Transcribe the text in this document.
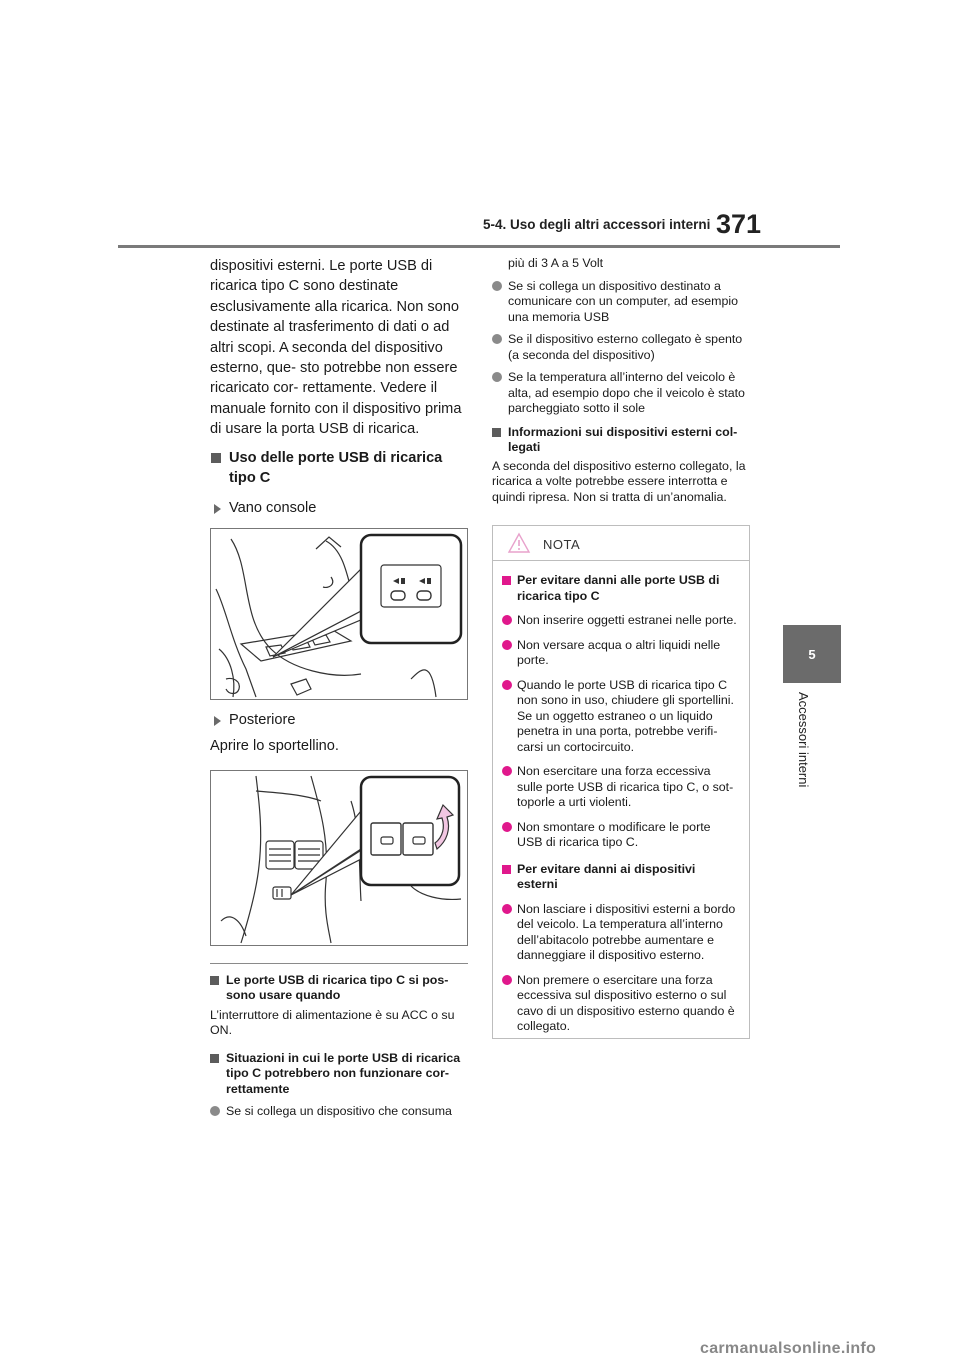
5-4. Uso degli altri accessori interni 371
5
Accessori interni

dispositivi esterni. Le porte USB di ricarica tipo C sono destinate esclusivamente alla ricarica. Non sono destinate al trasferimento di dati o ad altri scopi. A seconda del dispositivo esterno, que- sto potrebbe non essere ricaricato cor- rettamente. Vedere il manuale fornito con il dispositivo prima di usare la porta USB di ricarica.

Uso delle porte USB di ricarica tipo C
Vano console
Posteriore

Aprire lo sportellino.

Le porte USB di ricarica tipo C si pos- sono usare quando

L’interruttore di alimentazione è su ACC o su ON.

Situazioni in cui le porte USB di ricarica tipo C potrebbero non funzionare cor- rettamente
Se si collega un dispositivo che consuma

più di 3 A a 5 Volt

Se si collega un dispositivo destinato a comunicare con un computer, ad esempio una memoria USB
Se il dispositivo esterno collegato è spento (a seconda del dispositivo)
Se la temperatura all’interno del veicolo è alta, ad esempio dopo che il veicolo è stato parcheggiato sotto il sole
Informazioni sui dispositivi esterni col- legati

A seconda del dispositivo esterno collegato, la ricarica a volte potrebbe essere interrotta e quindi ripresa. Non si tratta di un’anomalia.

NOTA
Per evitare danni alle porte USB di ricarica tipo C
Non inserire oggetti estranei nelle porte.
Non versare acqua o altri liquidi nelle porte.
Quando le porte USB di ricarica tipo C non sono in uso, chiudere gli sportellini. Se un oggetto estraneo o un liquido penetra in una porta, potrebbe verifi- carsi un cortocircuito.
Non esercitare una forza eccessiva sulle porte USB di ricarica tipo C, o sot- toporle a urti violenti.
Non smontare o modificare le porte USB di ricarica tipo C.
Per evitare danni ai dispositivi esterni
Non lasciare i dispositivi esterni a bordo del veicolo. La temperatura all’interno dell’abitacolo potrebbe aumentare e danneggiare il dispositivo esterno.
Non premere o esercitare una forza eccessiva sul dispositivo esterno o sul cavo di un dispositivo esterno quando è collegato.
carmanualsonline.info
